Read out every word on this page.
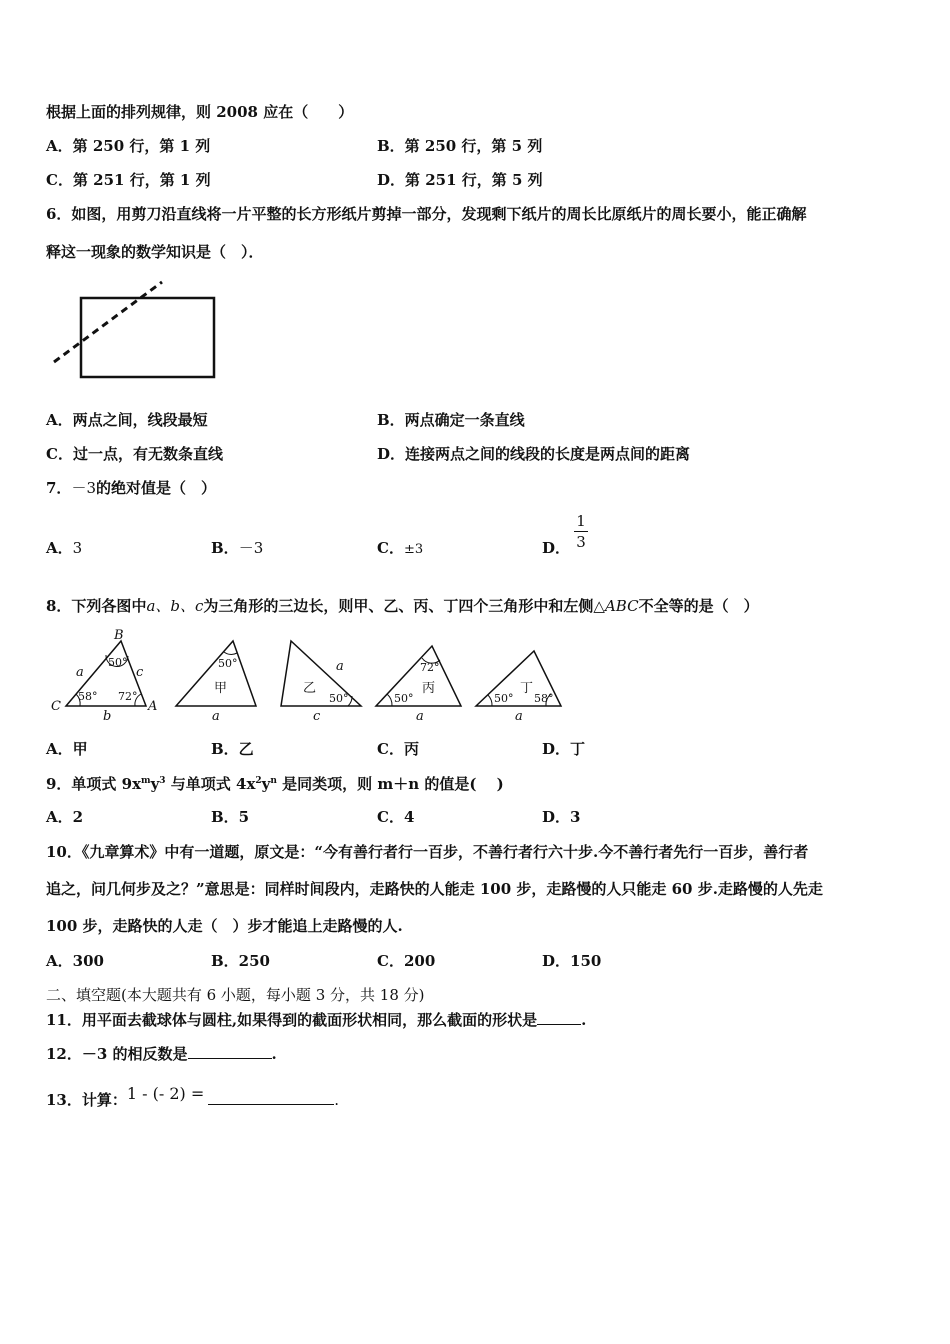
根据上面的排列规律，则 2008 应在（　　）
A．第 250 行，第 1 列	B．第 250 行，第 5 列
C．第 251 行，第 1 列	D．第 251 行，第 5 列
6．如图，用剪刀沿直线将一片平整的长方形纸片剪掉一部分，发现剩下纸片的周长比原纸片的周长要小，能正确解
释这一现象的数学知识是（　）．
A．两点之间，线段最短	B．两点确定一条直线
C．过一点，有无数条直线	D．连接两点之间的线段的长度是两点间的距离
7．－3的绝对值是（　）
A．3	B．－3	C．±3	D．
1
3
8．下列各图中a、b、c为三角形的三边长，则甲、乙、丙、丁四个三角形中和左侧△ABC不全等的是（　）
B
C	A
a	c
b
50°
58° 72°
50°
甲
a
50°
乙
c
a	72°
50°
丙
a
50° 58°
丁
a
A．甲	B．乙	C．丙	D．丁
9．单项式 $9x^my^3$ 与单项式 $4x^2y^n$ 是同类项，则 m＋n 的值是(　 )
A．2	B．5	C．4	D．3
10．《九章算术》中有一道题，原文是：“今有善行者行一百步，不善行者行六十步.今不善行者先行一百步，善行者
追之，问几何步及之？”意思是：同样时间段内，走路快的人能走 100 步，走路慢的人只能走 60 步.走路慢的人先走
100 步，走路快的人走（　）步才能追上走路慢的人.
A．300	B．250	C．200	D．150
二、填空题(本大题共有 6 小题，每小题 3 分，共 18 分)
11．用平面去截球体与圆柱,如果得到的截面形状相同，那么截面的形状是	.
12．－3 的相反数是	.
13．计算：1 - (- 2) =	.
